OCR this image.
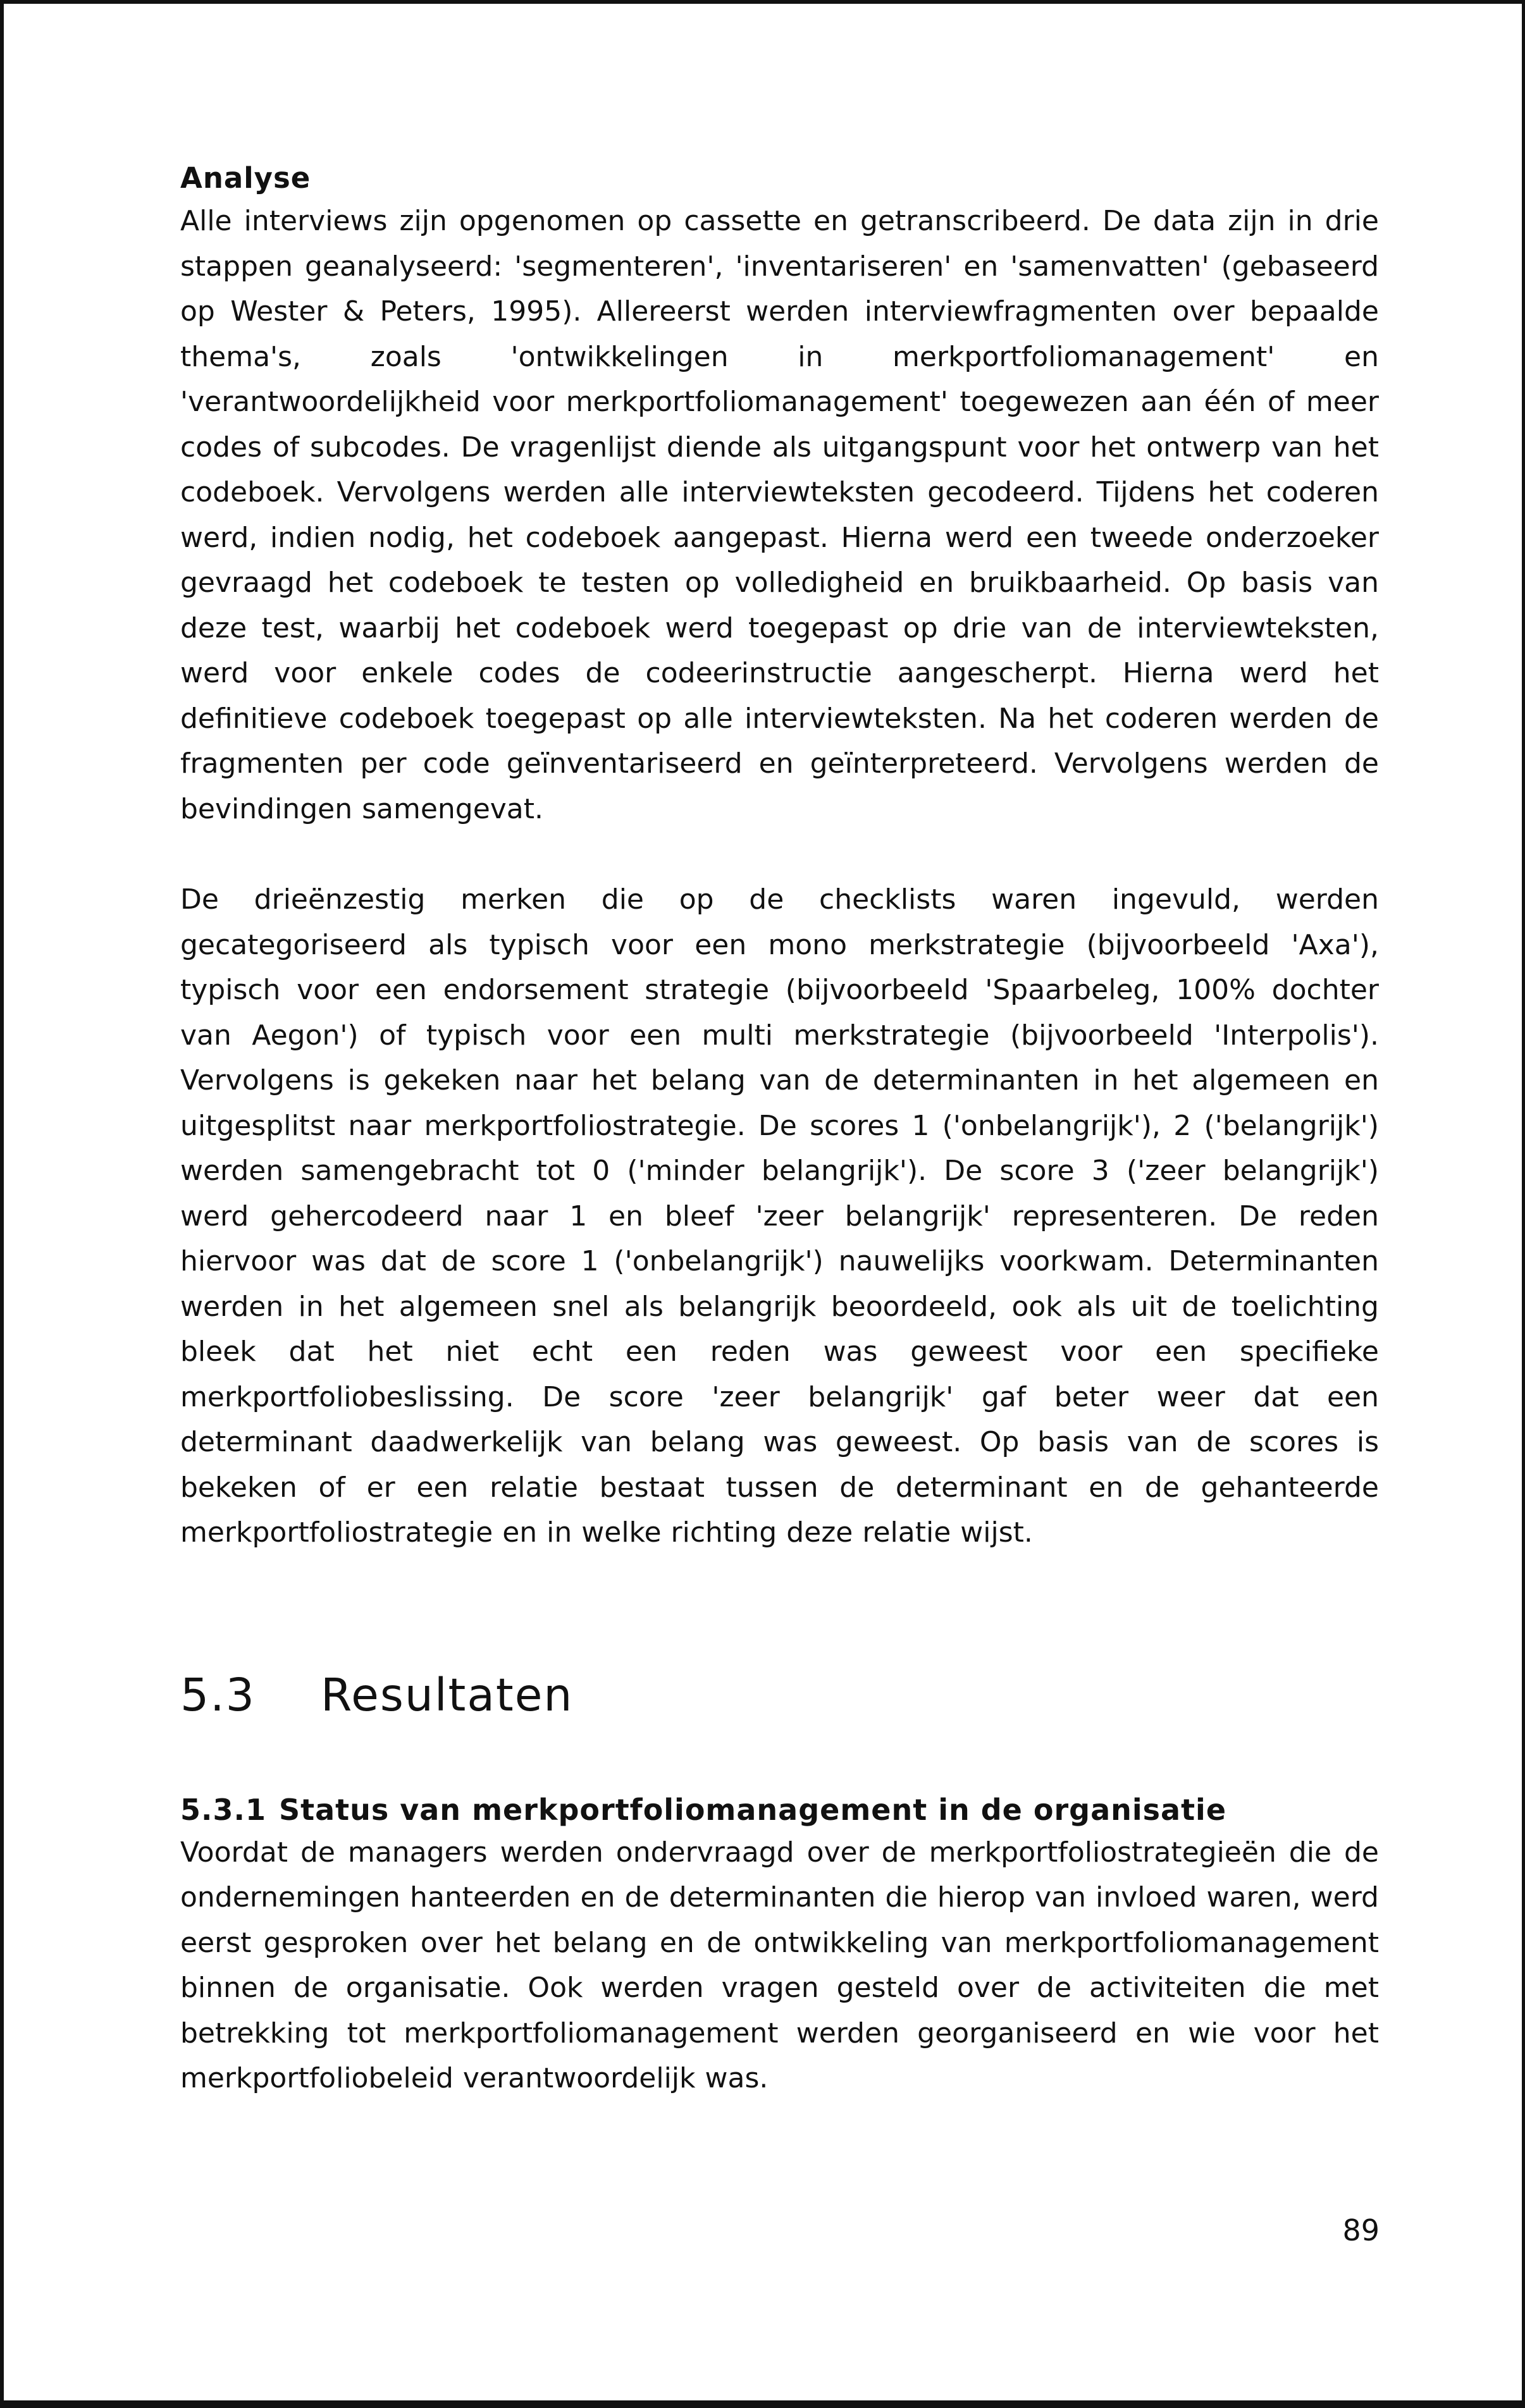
Analyse

Alle interviews zijn opgenomen op cassette en getranscribeerd. De data zijn in drie stappen geanalyseerd: 'segmenteren', 'inventariseren' en 'samenvatten' (gebaseerd op Wester & Peters, 1995). Allereerst werden interviewfragmenten over bepaalde thema's, zoals 'ontwikkelingen in merkportfoliomanagement' en 'verantwoordelijkheid voor merkportfoliomanagement' toegewezen aan één of meer codes of subcodes. De vragenlijst diende als uitgangspunt voor het ontwerp van het codeboek. Vervolgens werden alle interviewteksten gecodeerd. Tijdens het coderen werd, indien nodig, het codeboek aangepast. Hierna werd een tweede onderzoeker gevraagd het codeboek te testen op volledigheid en bruikbaarheid. Op basis van deze test, waarbij het codeboek werd toegepast op drie van de interviewteksten, werd voor enkele codes de codeerinstructie aangescherpt. Hierna werd het definitieve codeboek toegepast op alle interviewteksten. Na het coderen werden de fragmenten per code geïnventariseerd en geïnterpreteerd. Vervolgens werden de bevindingen samengevat.

De drieënzestig merken die op de checklists waren ingevuld, werden gecategoriseerd als typisch voor een mono merkstrategie (bijvoorbeeld 'Axa'), typisch voor een endorsement strategie (bijvoorbeeld 'Spaarbeleg, 100% dochter van Aegon') of typisch voor een multi merkstrategie (bijvoorbeeld 'Interpolis'). Vervolgens is gekeken naar het belang van de determinanten in het algemeen en uitgesplitst naar merkportfoliostrategie. De scores 1 ('onbelangrijk'), 2 ('belangrijk') werden samengebracht tot 0 ('minder belangrijk'). De score 3 ('zeer belangrijk') werd gehercodeerd naar 1 en bleef 'zeer belangrijk' representeren. De reden hiervoor was dat de score 1 ('onbelangrijk') nauwelijks voorkwam. Determinanten werden in het algemeen snel als belangrijk beoordeeld, ook als uit de toelichting bleek dat het niet echt een reden was geweest voor een specifieke merkportfoliobeslissing. De score 'zeer belangrijk' gaf beter weer dat een determinant daadwerkelijk van belang was geweest. Op basis van de scores is bekeken of er een relatie bestaat tussen de determinant en de gehanteerde merkportfoliostrategie en in welke richting deze relatie wijst.

5.3 Resultaten
5.3.1 Status van merkportfoliomanagement in de organisatie

Voordat de managers werden ondervraagd over de merkportfoliostrategieën die de ondernemingen hanteerden en de determinanten die hierop van invloed waren, werd eerst gesproken over het belang en de ontwikkeling van merkportfoliomanagement binnen de organisatie. Ook werden vragen gesteld over de activiteiten die met betrekking tot merkportfoliomanagement werden georganiseerd en wie voor het merkportfoliobeleid verantwoordelijk was.

89
